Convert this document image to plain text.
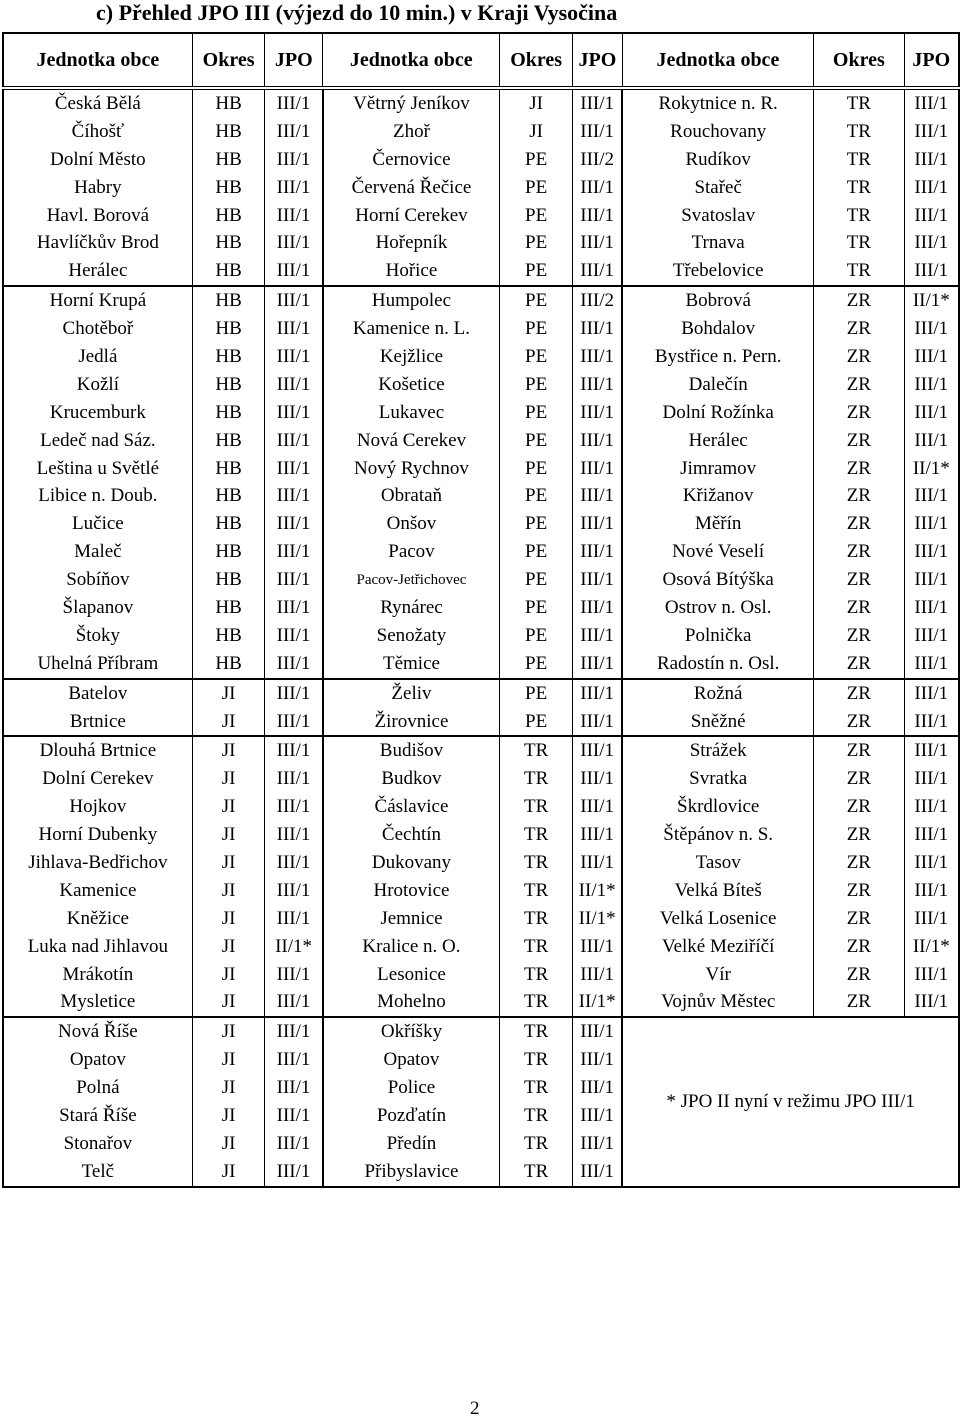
c) Přehled JPO III (výjezd do 10 min.) v Kraji Vysočina
Jednotka obce	Okres	JPO	Jednotka obce	Okres	JPO	Jednotka obce	Okres	JPO
Česká Bělá	HB	III/1	Větrný Jeníkov	JI	III/1	Rokytnice n. R.	TR	III/1
Číhošť	HB	III/1	Zhoř	JI	III/1	Rouchovany	TR	III/1
Dolní Město	HB	III/1	Černovice	PE	III/2	Rudíkov	TR	III/1
Habry	HB	III/1	Červená Řečice	PE	III/1	Stařeč	TR	III/1
Havl. Borová	HB	III/1	Horní Cerekev	PE	III/1	Svatoslav	TR	III/1
Havlíčkův Brod	HB	III/1	Hořepník	PE	III/1	Trnava	TR	III/1
Herálec	HB	III/1	Hořice	PE	III/1	Třebelovice	TR	III/1
Horní Krupá	HB	III/1	Humpolec	PE	III/2	Bobrová	ZR	II/1*
Chotěboř	HB	III/1	Kamenice n. L.	PE	III/1	Bohdalov	ZR	III/1
Jedlá	HB	III/1	Kejžlice	PE	III/1	Bystřice n. Pern.	ZR	III/1
Kožlí	HB	III/1	Košetice	PE	III/1	Dalečín	ZR	III/1
Krucemburk	HB	III/1	Lukavec	PE	III/1	Dolní Rožínka	ZR	III/1
Ledeč nad Sáz.	HB	III/1	Nová Cerekev	PE	III/1	Herálec	ZR	III/1
Leština u Světlé	HB	III/1	Nový Rychnov	PE	III/1	Jimramov	ZR	II/1*
Libice n. Doub.	HB	III/1	Obrataň	PE	III/1	Křižanov	ZR	III/1
Lučice	HB	III/1	Onšov	PE	III/1	Měřín	ZR	III/1
Maleč	HB	III/1	Pacov	PE	III/1	Nové Veselí	ZR	III/1
Sobíňov	HB	III/1	Pacov-Jetřichovec	PE	III/1	Osová Bítýška	ZR	III/1
Šlapanov	HB	III/1	Rynárec	PE	III/1	Ostrov n. Osl.	ZR	III/1
Štoky	HB	III/1	Senožaty	PE	III/1	Polnička	ZR	III/1
Uhelná Příbram	HB	III/1	Těmice	PE	III/1	Radostín n. Osl.	ZR	III/1
Batelov	JI	III/1	Želiv	PE	III/1	Rožná	ZR	III/1
Brtnice	JI	III/1	Žirovnice	PE	III/1	Sněžné	ZR	III/1
Dlouhá Brtnice	JI	III/1	Budišov	TR	III/1	Strážek	ZR	III/1
Dolní Cerekev	JI	III/1	Budkov	TR	III/1	Svratka	ZR	III/1
Hojkov	JI	III/1	Čáslavice	TR	III/1	Škrdlovice	ZR	III/1
Horní Dubenky	JI	III/1	Čechtín	TR	III/1	Štěpánov n. S.	ZR	III/1
Jihlava-Bedřichov	JI	III/1	Dukovany	TR	III/1	Tasov	ZR	III/1
Kamenice	JI	III/1	Hrotovice	TR	II/1*	Velká Bíteš	ZR	III/1
Kněžice	JI	III/1	Jemnice	TR	II/1*	Velká Losenice	ZR	III/1
Luka nad Jihlavou	JI	II/1*	Kralice n. O.	TR	III/1	Velké Meziříčí	ZR	II/1*
Mrákotín	JI	III/1	Lesonice	TR	III/1	Vír	ZR	III/1
Mysletice	JI	III/1	Mohelno	TR	II/1*	Vojnův Městec	ZR	III/1
Nová Říše	JI	III/1	Okříšky	TR	III/1	* JPO II nyní v režimu JPO III/1		
Opatov	JI	III/1	Opatov	TR	III/1			
Polná	JI	III/1	Police	TR	III/1			
Stará Říše	JI	III/1	Pozďatín	TR	III/1			
Stonařov	JI	III/1	Předín	TR	III/1			
Telč	JI	III/1	Přibyslavice	TR	III/1			
2
